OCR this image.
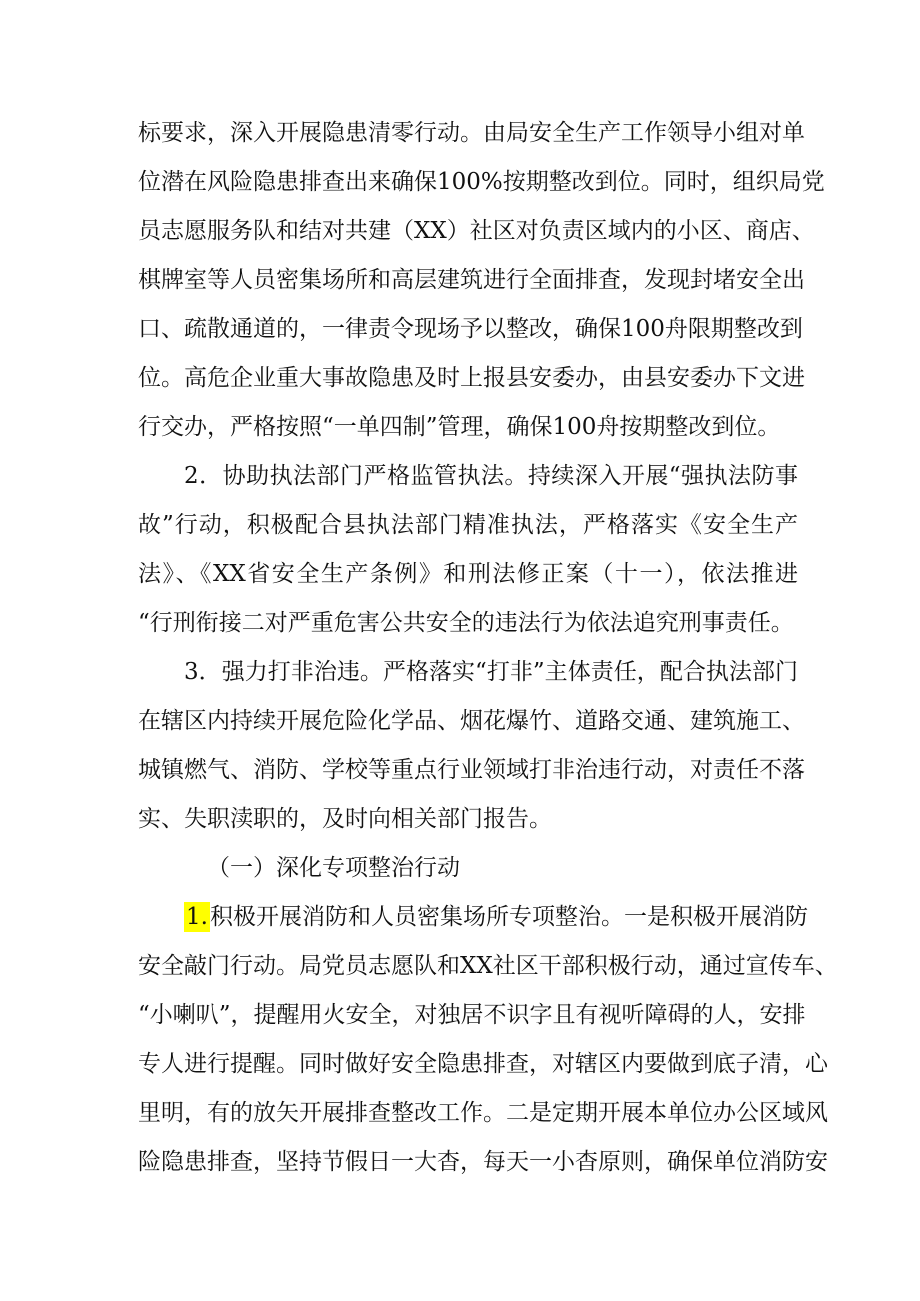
标要求，深入开展隐患清零行动。由局安全生产工作领导小组对单
位潜在风险隐患排查出来确保100%按期整改到位。同时，组织局党
员志愿服务队和结对共建（XX）社区对负责区域内的小区、商店、
棋牌室等人员密集场所和高层建筑进行全面排査，发现封堵安全出
口、疏散通道的，一律责令现场予以整改，确保100舟限期整改到
位。高危企业重大事故隐患及时上报县安委办，由县安委办下文进
行交办，严格按照“一单四制”管理，确保100舟按期整改到位。
2．协助执法部门严格监管执法。持续深入开展“强执法防事
故”行动，积极配合县执法部门精准执法，严格落实《安全生产
法》、《XX省安全生产条例》和刑法修正案（十一），依法推进
“行刑衔接二对严重危害公共安全的违法行为依法追究刑事责任。
3．强力打非治违。严格落实“打非”主体责任，配合执法部门
在辖区内持续开展危险化学品、烟花爆竹、道路交通、建筑施工、
城镇燃气、消防、学校等重点行业领域打非治违行动，对责任不落
实、失职渎职的，及时向相关部门报告。
（一）深化专项整治行动
1.积极开展消防和人员密集场所专项整治。一是积极开展消防
安全敲门行动。局党员志愿队和XX社区干部积极行动，通过宣传车、
“小喇叭”，提醒用火安全，对独居不识字且有视听障碍的人，安排
专人进行提醒。同时做好安全隐患排查，对辖区内要做到底子清，心
里明，有的放矢开展排查整改工作。二是定期开展本单位办公区域风
险隐患排查，坚持节假日一大杳，每天一小杳原则，确保单位消防安
